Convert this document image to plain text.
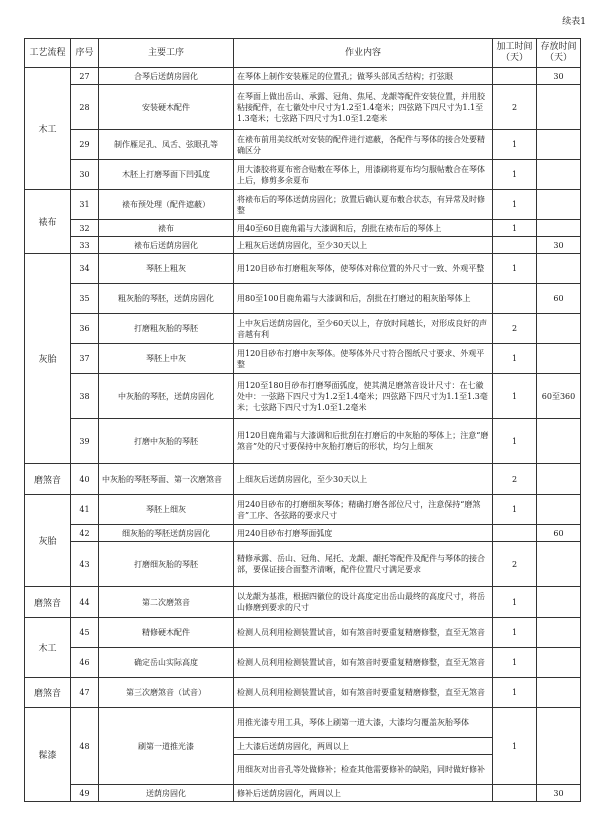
续表1
工艺流程	序号	主要工序	作业内容	加工时间（天）	存放时间（天）
木工	27	合琴后送荫房固化	在琴体上制作安装雁足的位置孔；做琴头部凤舌结构；打弦眼		30
	28	安装硬木配件	在琴面上做出岳山、承露、冠角、焦尾、龙龈等配件安装位置，并用胶粘接配件，在七徽处中尺寸为1.2至1.4毫米；四弦路下四尺寸为1.1至1.3毫米；七弦路下四尺寸为1.0至1.2毫米	2	
	29	制作雁足孔、凤舌、弦眼孔等	在裱布前用美纹纸对安装的配件进行遮蔽，各配件与琴体的接合处要精确区分	1	
	30	木胚上打磨琴面下凹弧度	用大漆胶将夏布密合贴敷在琴体上，用漆刷将夏布均匀服帖敷合在琴体上后，修剪多余夏布	1	
裱布	31	裱布预处理（配件遮蔽）	将裱布后的琴体送荫房固化；放置后确认夏布敷合状态，有异常及时修整	1	
	32	裱布	用40至60目鹿角霜与大漆调和后，刮批在裱布后的琴体上	1	
	33	裱布后送荫房固化	上粗灰后送荫房固化，至少30天以上		30
灰胎	34	琴胚上粗灰	用120目砂布打磨粗灰琴体，使琴体对称位置的外尺寸一致、外观平整	1	
	35	粗灰胎的琴胚，送荫房固化	用80至100目鹿角霜与大漆调和后，刮批在打磨过的粗灰胎琴体上		60
	36	打磨粗灰胎的琴胚	上中灰后送荫房固化，至少60天以上，存放时间越长，对形成良好的声音越有利	2	
	37	琴胚上中灰	用120目砂布打磨中灰琴体。使琴体外尺寸符合图纸尺寸要求、外观平整	1	
	38	中灰胎的琴胚，送荫房固化	用120至180目砂布打磨琴面弧度，使其满足磨煞音设计尺寸：在七徽处中：一弦路下四尺寸为1.2至1.4毫米；四弦路下四尺寸为1.1至1.3毫米；七弦路下四尺寸为1.0至1.2毫米	1	60至360
	39	打磨中灰胎的琴胚	用120目鹿角霜与大漆调和后批刮在打磨后的中灰胎的琴体上；注意“磨煞音”处的尺寸要保持中灰胎打磨后的形状，均匀上细灰	1	
磨煞音	40	中灰胎的琴胚琴面、第一次磨煞音	上细灰后送荫房固化，至少30天以上	2	
灰胎	41	琴胚上细灰	用240目砂布的打磨细灰琴体；精确打磨各部位尺寸，注意保持“磨煞音”工序、各弦路的要求尺寸	1	
	42	细灰胎的琴胚送荫房固化	用240目砂布打磨琴面弧度		60
	43	打磨细灰胎的琴胚	精修承露、岳山、冠角、尾托、龙龈、龈托等配件及配件与琴体的接合部，要保证接合面整齐清晰，配件位置尺寸满足要求	2	
磨煞音	44	第二次磨煞音	以龙龈为基准，根据四徽位的设计高度定出岳山最终的高度尺寸，将岳山修磨到要求的尺寸	1	
木工	45	精修硬木配件	检测人员利用检测装置试音，如有煞音时要重复精磨修整，直至无煞音	1	
	46	确定岳山实际高度	检测人员利用检测装置试音，如有煞音时要重复精磨修整，直至无煞音	1	
磨煞音	47	第三次磨煞音（试音）	检测人员利用检测装置试音，如有煞音时要重复精磨修整，直至无煞音	1	
髹漆	48	刷第一道推光漆	用推光漆专用工具，琴体上刷第一道大漆，大漆均匀覆盖灰胎琴体	1	
			上大漆后送荫房固化，两周以上		
			用细灰对出音孔等处做修补；检查其他需要修补的缺陷，同时做好修补		
	49	送荫房固化	修补后送荫房固化，两周以上		30
